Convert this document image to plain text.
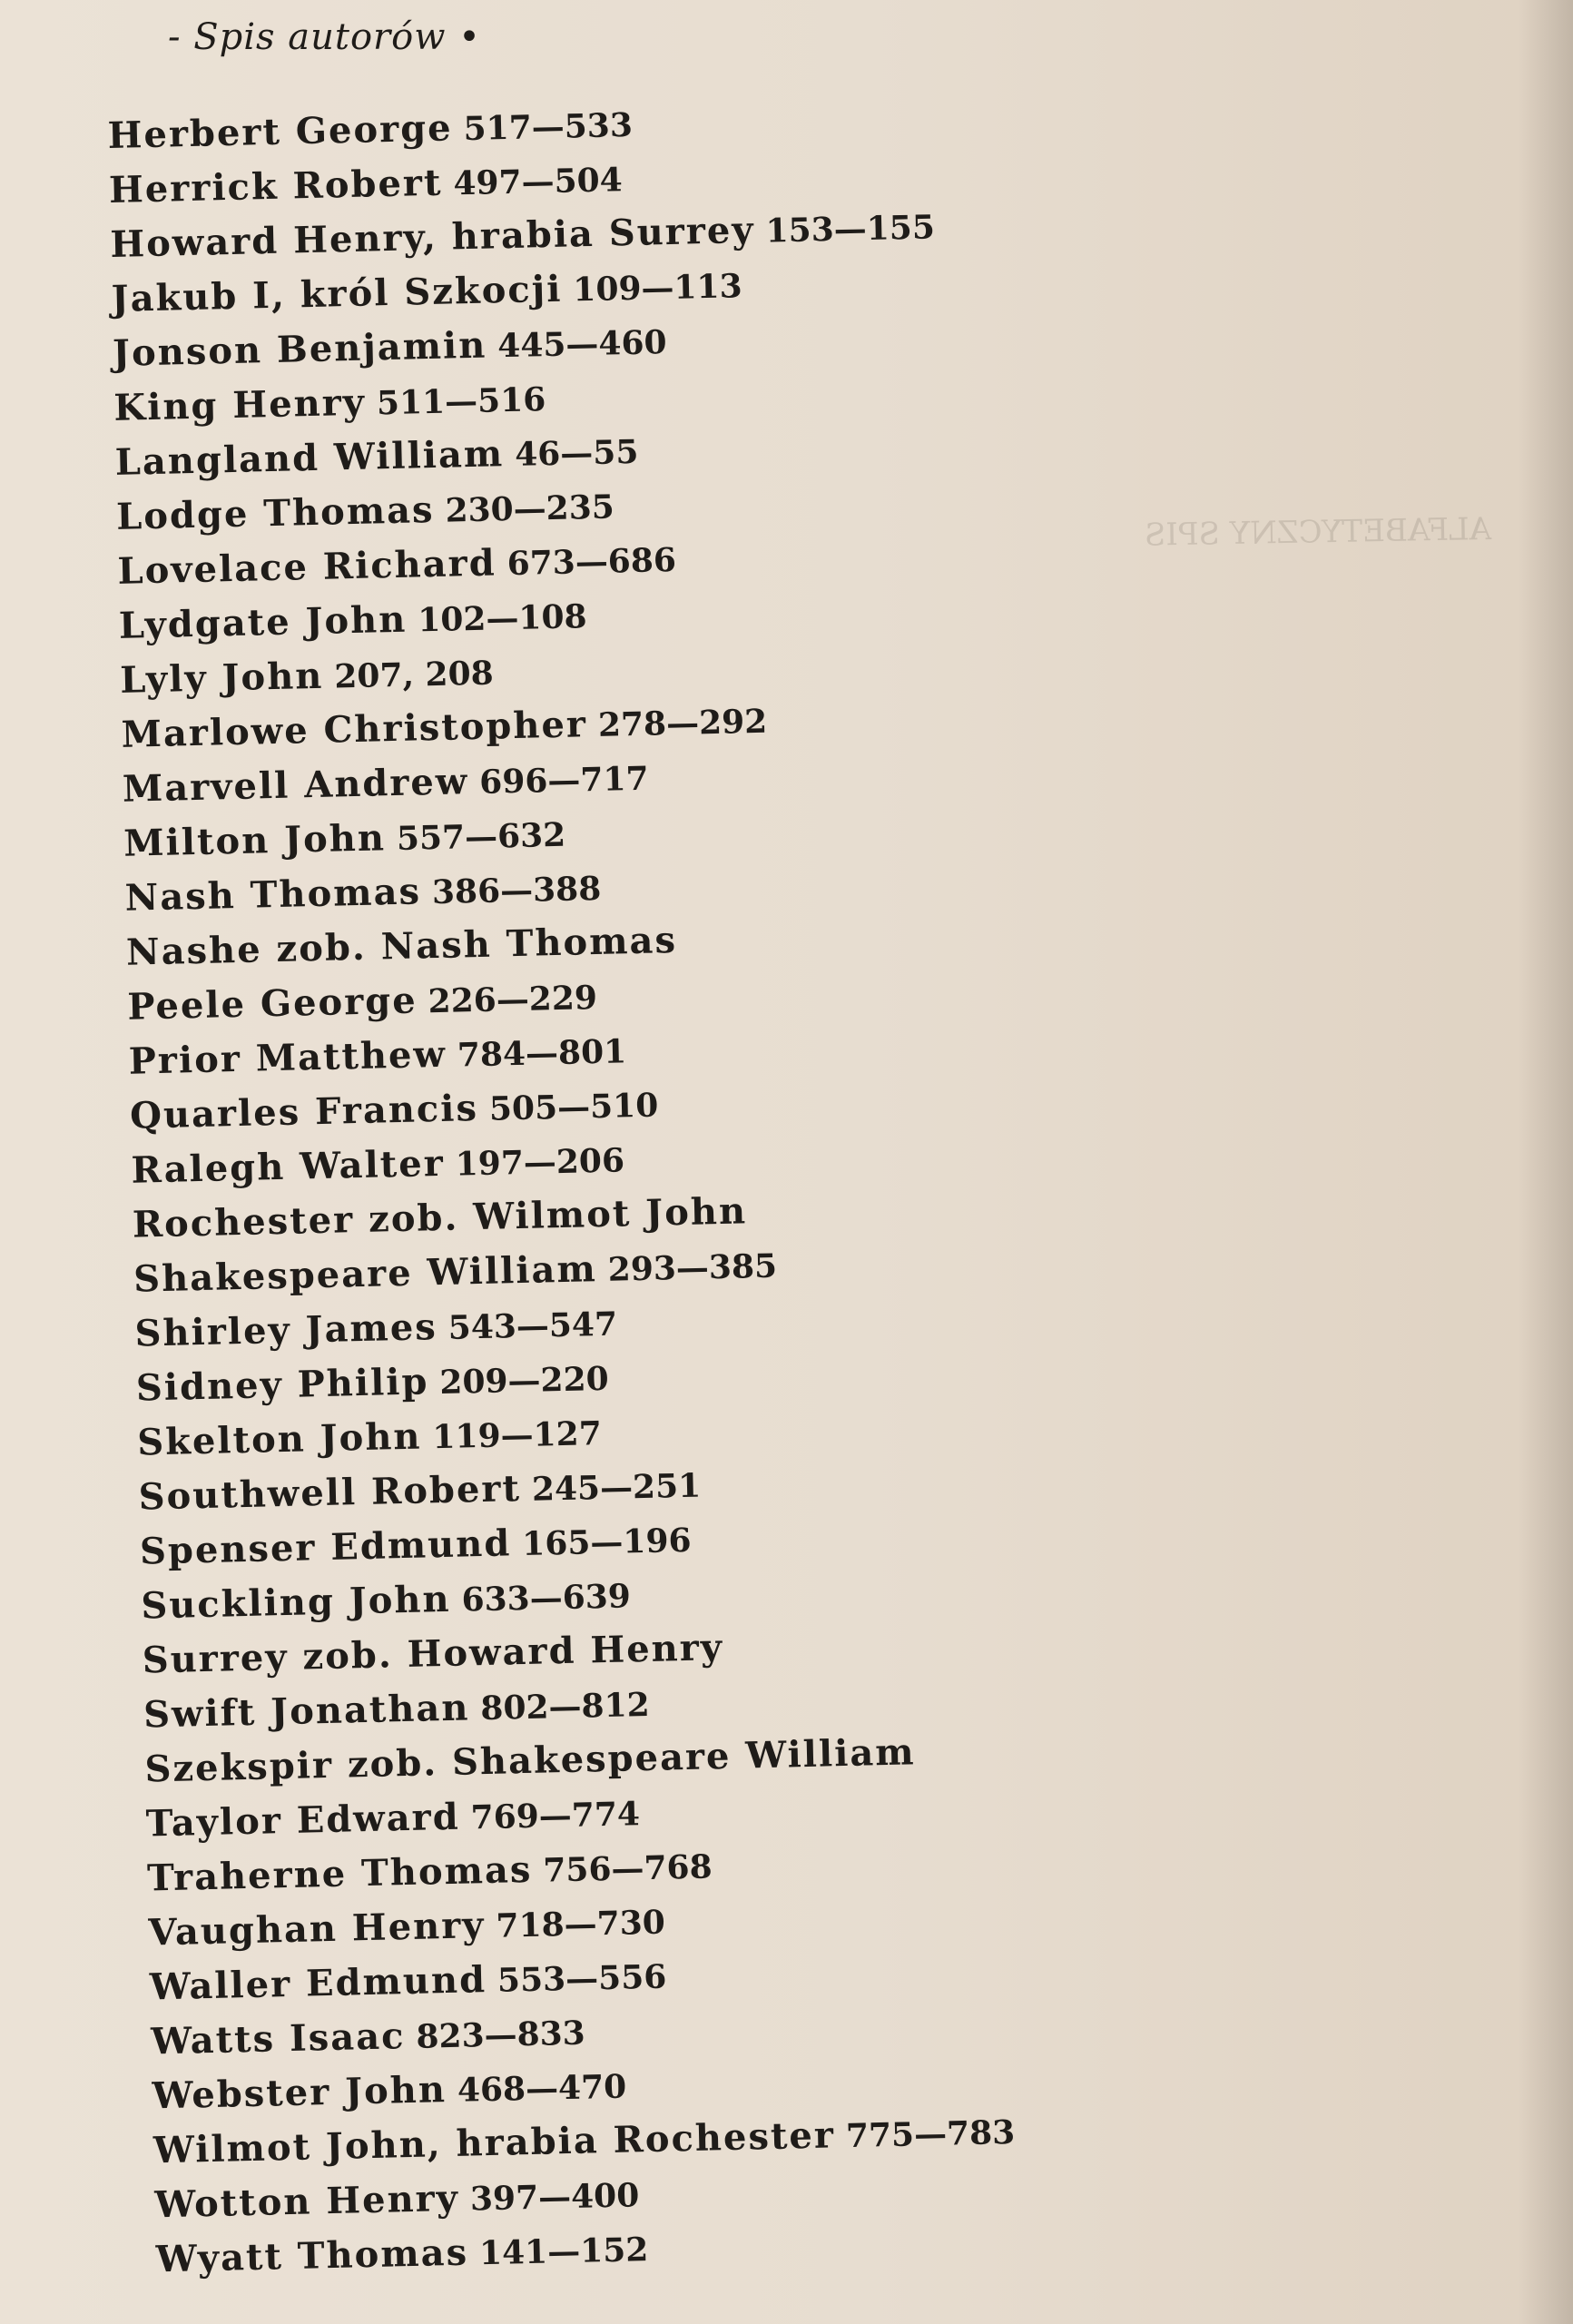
- Spis autorów •
ALFABETYCZNY SPIS
Herbert George 517—533
Herrick Robert 497—504
Howard Henry, hrabia Surrey 153—155
Jakub I, król Szkocji 109—113
Jonson Benjamin 445—460
King Henry 511—516
Langland William 46—55
Lodge Thomas 230—235
Lovelace Richard 673—686
Lydgate John 102—108
Lyly John 207, 208
Marlowe Christopher 278—292
Marvell Andrew 696—717
Milton John 557—632
Nash Thomas 386—388
Nashe zob. Nash Thomas
Peele George 226—229
Prior Matthew 784—801
Quarles Francis 505—510
Ralegh Walter 197—206
Rochester zob. Wilmot John
Shakespeare William 293—385
Shirley James 543—547
Sidney Philip 209—220
Skelton John 119—127
Southwell Robert 245—251
Spenser Edmund 165—196
Suckling John 633—639
Surrey zob. Howard Henry
Swift Jonathan 802—812
Szekspir zob. Shakespeare William
Taylor Edward 769—774
Traherne Thomas 756—768
Vaughan Henry 718—730
Waller Edmund 553—556
Watts Isaac 823—833
Webster John 468—470
Wilmot John, hrabia Rochester 775—783
Wotton Henry 397—400
Wyatt Thomas 141—152
